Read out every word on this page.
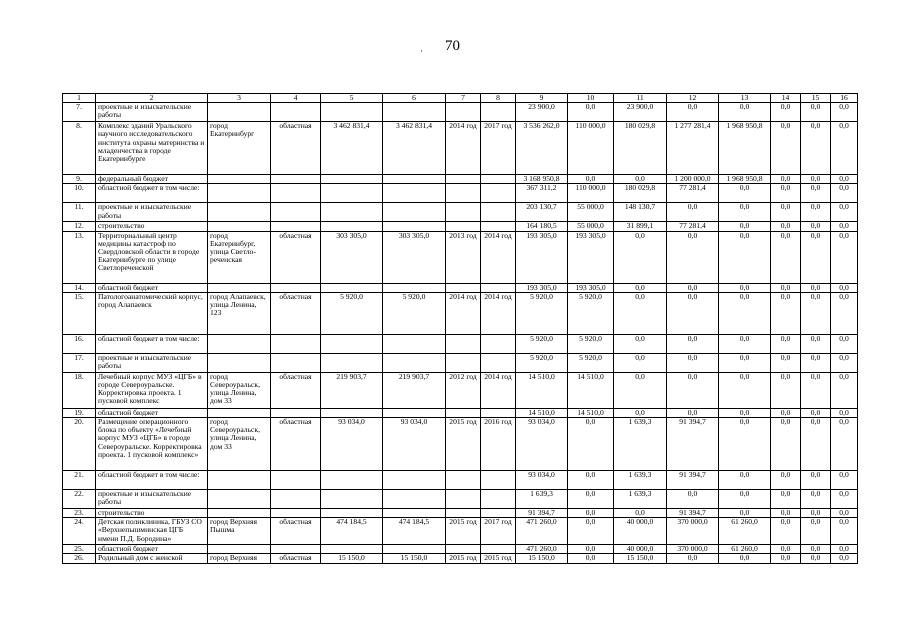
70
·
1	2	3	4	5	6	7	8	9	10	11	12	13	14	15	16
7.	проектные и изыскательские работы							23 900,0	0,0	23 900,0	0,0	0,0	0,0	0,0	0,0
8.	Комплекс зданий Уральского научного исследовательского института охраны материнства и младенчества в городе Екатеринбурге	город Екатеринбург	областная	3 462 831,4	3 462 831,4	2014 год	2017 год	3 536 262,0	110 000,0	180 029,8	1 277 281,4	1 968 950,8	0,0	0,0	0,0
9.	федеральный бюджет							3 168 950,8	0,0	0,0	1 200 000,0	1 968 950,8	0,0	0,0	0,0
10.	областной бюджет в том числе:							367 311,2	110 000,0	180 029,8	77 281,4	0,0	0,0	0,0	0,0
11.	проектные и изыскательские работы							203 130,7	55 000,0	148 130,7	0,0	0,0	0,0	0,0	0,0
12.	строительство							164 180,5	55 000,0	31 899,1	77 281,4	0,0	0,0	0,0	0,0
13.	Территориальный центр медицины катастроф по Свердловской области в городе Екатеринбурге по улице Светлореченской	город Екатеринбург, улица Светло- реченская	областная	303 305,0	303 305,0	2013 год	2014 год	193 305,0	193 305,0	0,0	0,0	0,0	0,0	0,0	0,0
14.	областной бюджет							193 305,0	193 305,0	0,0	0,0	0,0	0,0	0,0	0,0
15.	Патологоанатомический корпус, город Алапаевск	город Алапаевск, улица Ленина, 123	областная	5 920,0	5 920,0	2014 год	2014 год	5 920,0	5 920,0	0,0	0,0	0,0	0,0	0,0	0,0
16.	областной бюджет в том числе:							5 920,0	5 920,0	0,0	0,0	0,0	0,0	0,0	0,0
17.	проектные и изыскательские работы							5 920,0	5 920,0	0,0	0,0	0,0	0,0	0,0	0,0
18.	Лечебный корпус МУЗ «ЦГБ» в городе Североуральске. Корректировка проекта. 1 пусковой комплекс	город Североуральск, улица Ленина, дом 33	областная	219 903,7	219 903,7	2012 год	2014 год	14 510,0	14 510,0	0,0	0,0	0,0	0,0	0,0	0,0
19.	областной бюджет							14 510,0	14 510,0	0,0	0,0	0,0	0,0	0,0	0,0
20.	Размещение операционного блока по объекту «Лечебный корпус МУЗ «ЦГБ» в городе Североуральске. Корректировка проекта. 1 пусковой комплекс»	город Североуральск, улица Ленина, дом 33	областная	93 034,0	93 034,0	2015 год	2016 год	93 034,0	0,0	1 639,3	91 394,7	0,0	0,0	0,0	0,0
21.	областной бюджет в том числе:							93 034,0	0,0	1 639,3	91 394,7	0,0	0,0	0,0	0,0
22.	проектные и изыскательские работы							1 639,3	0,0	1 639,3	0,0	0,0	0,0	0,0	0,0
23.	строительство							91 394,7	0,0	0,0	91 394,7	0,0	0,0	0,0	0,0
24.	Детская поликлиника, ГБУЗ СО «Верхнепышминская ЦГБ имени П.Д. Бородина»	город Верхняя Пышма	областная	474 184,5	474 184,5	2015 год	2017 год	471 260,0	0,0	40 000,0	370 000,0	61 260,0	0,0	0,0	0,0
25.	областной бюджет							471 260,0	0,0	40 000,0	370 000,0	61 260,0	0,0	0,0	0,0
26.	Родильный дом с женской	город Верхняя	областная	15 150,0	15 150,0	2015 год	2015 год	15 150,0	0,0	15 150,0	0,0	0,0	0,0	0,0	0,0
